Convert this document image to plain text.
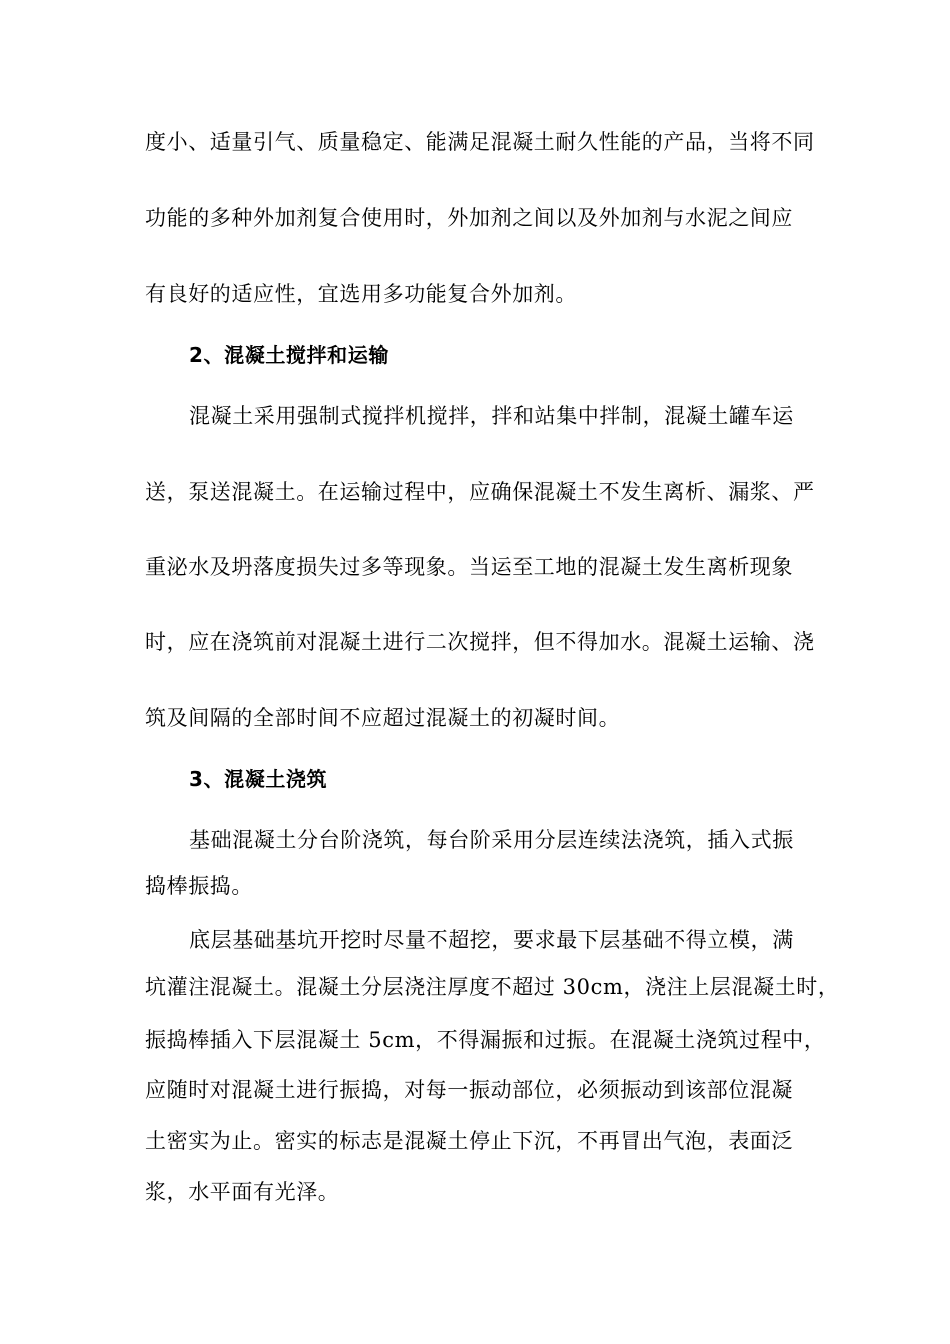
度小、适量引气、质量稳定、能满足混凝土耐久性能的产品，当将不同
功能的多种外加剂复合使用时，外加剂之间以及外加剂与水泥之间应
有良好的适应性，宜选用多功能复合外加剂。
2、混凝土搅拌和运输
混凝土采用强制式搅拌机搅拌，拌和站集中拌制，混凝土罐车运
送，泵送混凝土。在运输过程中，应确保混凝土不发生离析、漏浆、严
重泌水及坍落度损失过多等现象。当运至工地的混凝土发生离析现象
时，应在浇筑前对混凝土进行二次搅拌，但不得加水。混凝土运输、浇
筑及间隔的全部时间不应超过混凝土的初凝时间。
3、混凝土浇筑
基础混凝土分台阶浇筑，每台阶采用分层连续法浇筑，插入式振
捣棒振捣。
底层基础基坑开挖时尽量不超挖，要求最下层基础不得立模，满
坑灌注混凝土。混凝土分层浇注厚度不超过 30cm，浇注上层混凝土时，
振捣棒插入下层混凝土 5cm，不得漏振和过振。在混凝土浇筑过程中，
应随时对混凝土进行振捣，对每一振动部位，必须振动到该部位混凝
土密实为止。密实的标志是混凝土停止下沉，不再冒出气泡，表面泛
浆，水平面有光泽。
